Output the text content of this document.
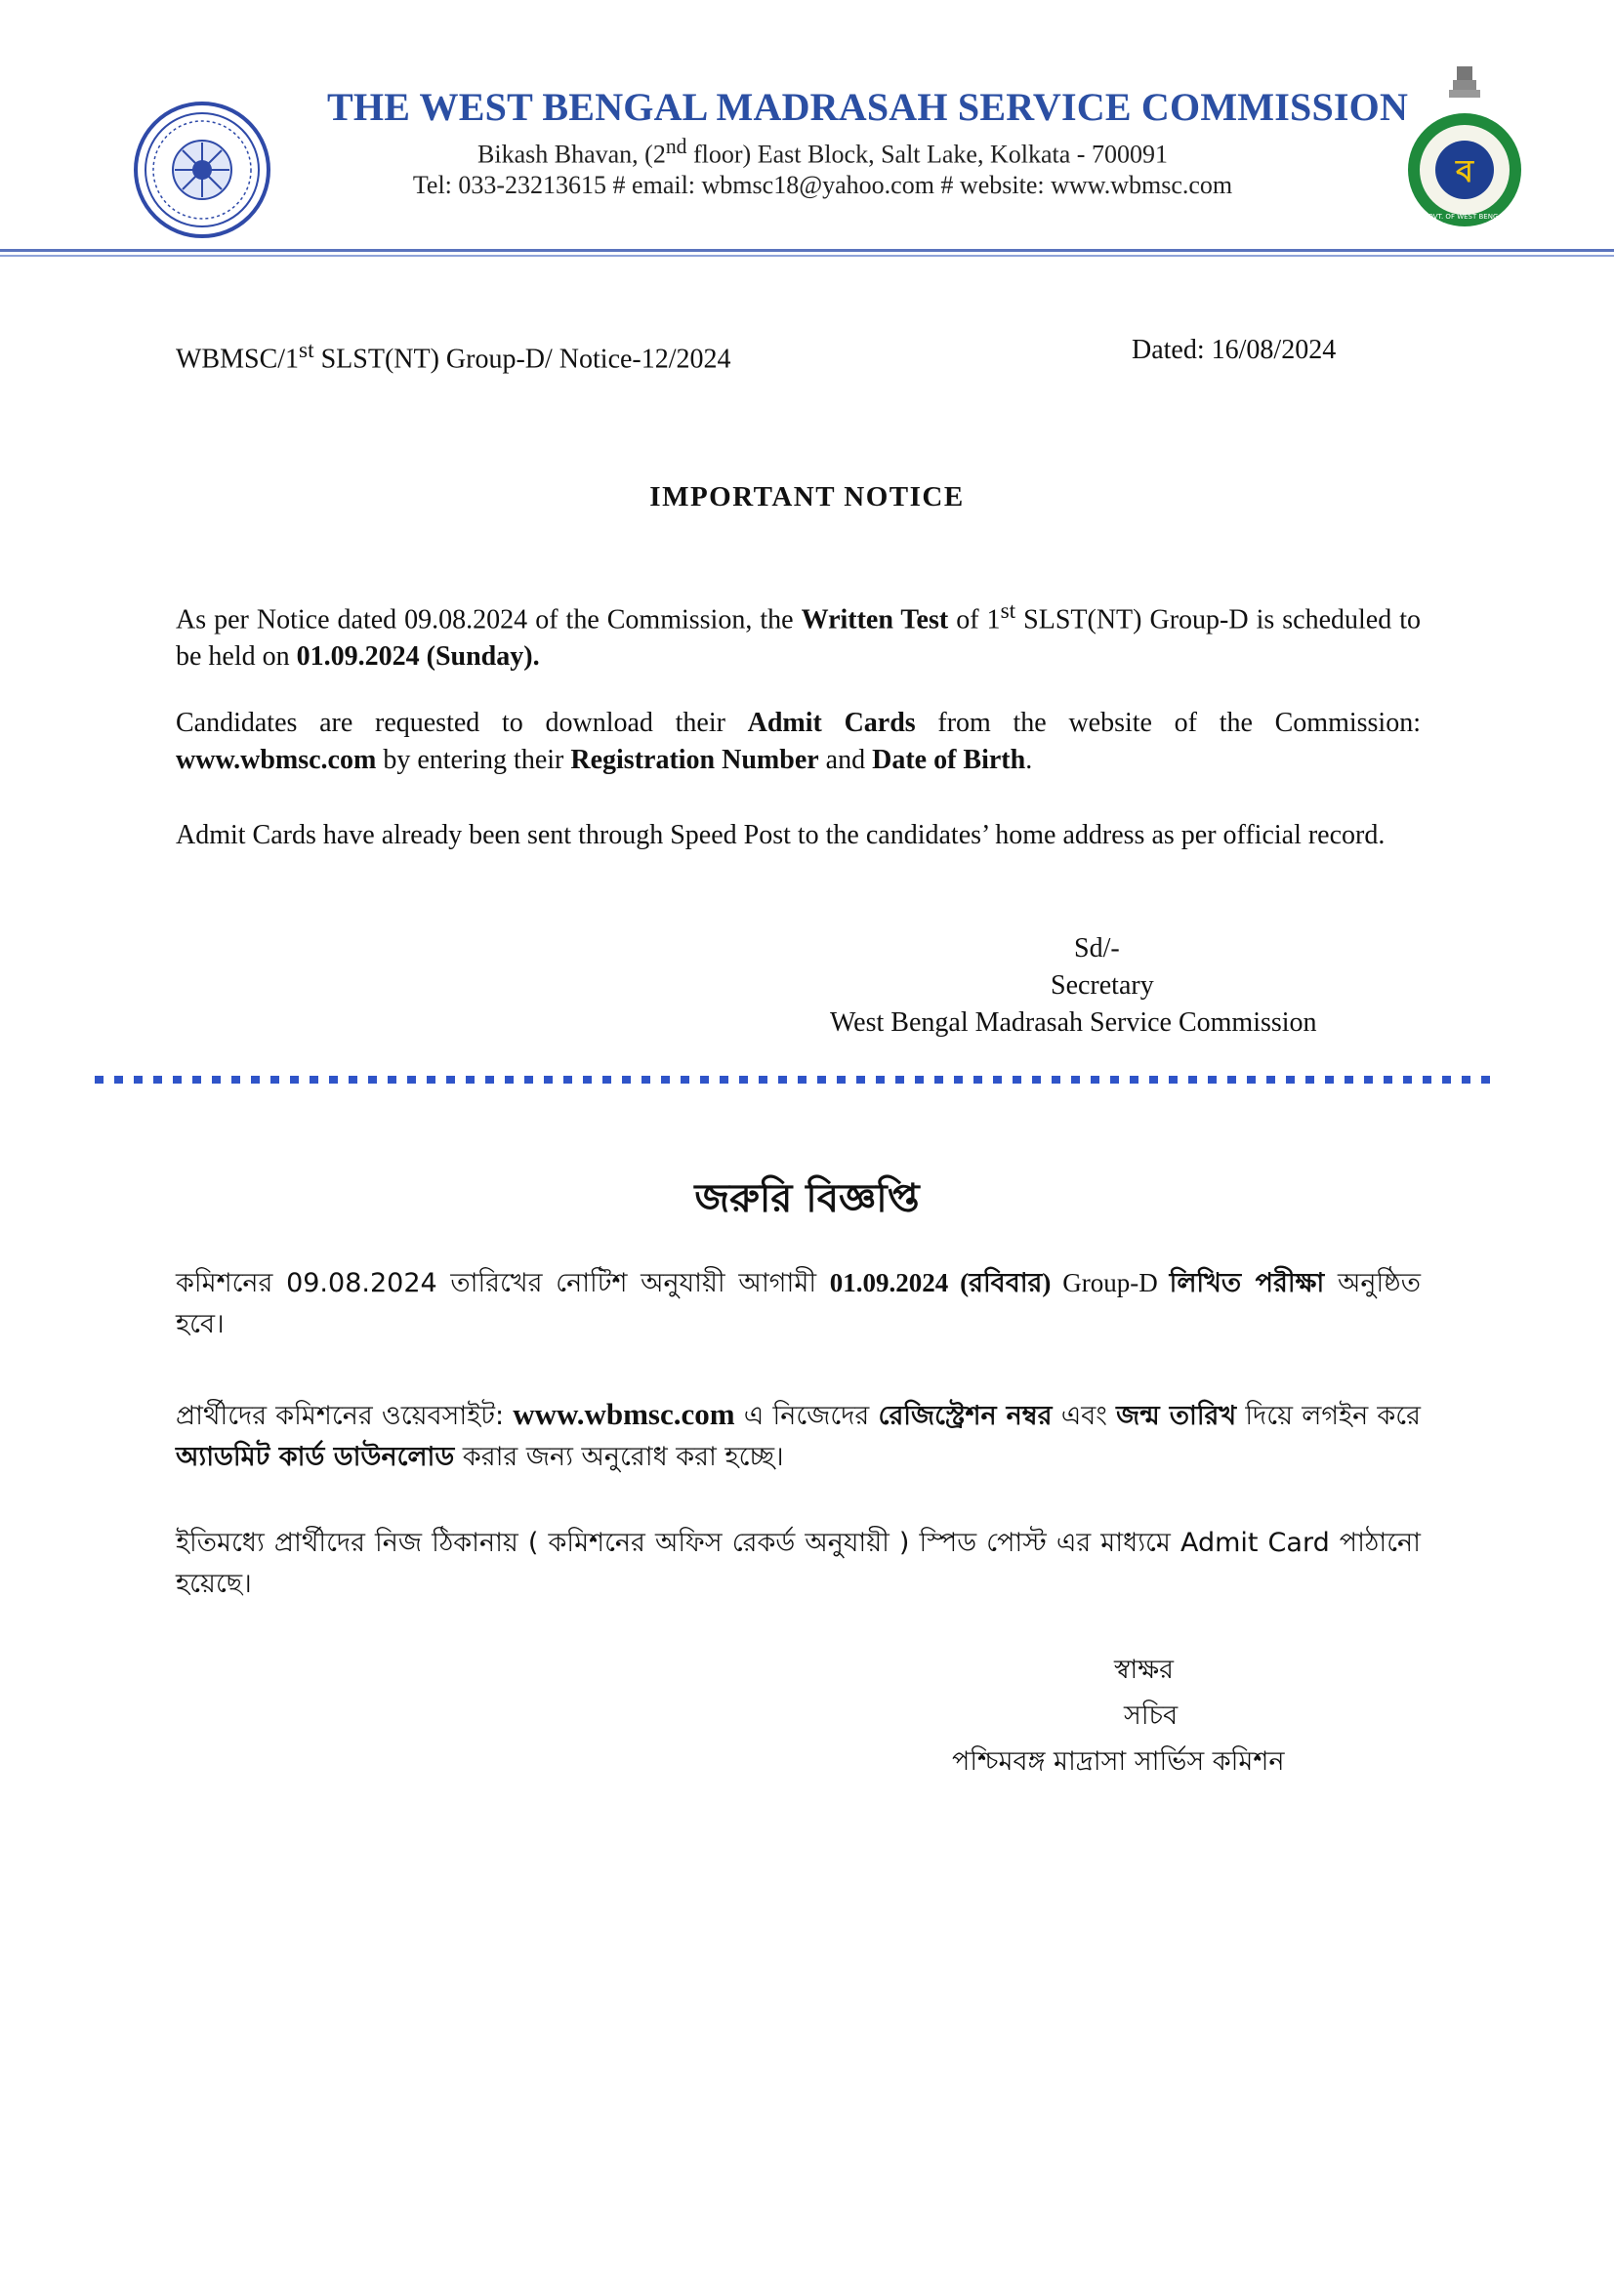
ব
GOVT. OF WEST BENGAL
THE WEST BENGAL MADRASAH SERVICE COMMISSION
Bikash Bhavan, (2nd floor) East Block, Salt Lake, Kolkata - 700091
Tel: 033-23213615 # email: wbmsc18@yahoo.com # website: www.wbmsc.com
WBMSC/1st SLST(NT) Group-D/ Notice-12/2024	Dated: 16/08/2024
IMPORTANT NOTICE
As per Notice dated 09.08.2024 of the Commission, the Written Test of 1st SLST(NT) Group-D is scheduled to be held on 01.09.2024 (Sunday).
Candidates are requested to download their Admit Cards from the website of the Commission: www.wbmsc.com by entering their Registration Number and Date of Birth.
Admit Cards have already been sent through Speed Post to the candidates’ home address as per official record.
Sd/-
Secretary
West Bengal Madrasah Service Commission
জরুরি বিজ্ঞপ্তি
কমিশনের 09.08.2024 তারিখের নোটিশ অনুযায়ী আগামী 01.09.2024 (রবিবার) Group-D লিখিত পরীক্ষা অনুষ্ঠিত হবে।
প্রার্থীদের কমিশনের ওয়েবসাইট: www.wbmsc.com এ নিজেদের রেজিস্ট্রেশন নম্বর এবং জন্ম তারিখ দিয়ে লগইন করে অ্যাডমিট কার্ড ডাউনলোড করার জন্য অনুরোধ করা হচ্ছে।
ইতিমধ্যে প্রার্থীদের নিজ ঠিকানায় ( কমিশনের অফিস রেকর্ড অনুযায়ী ) স্পিড পোস্ট এর মাধ্যমে Admit Card পাঠানো হয়েছে।
স্বাক্ষর
সচিব
পশ্চিমবঙ্গ মাদ্রাসা সার্ভিস কমিশন
